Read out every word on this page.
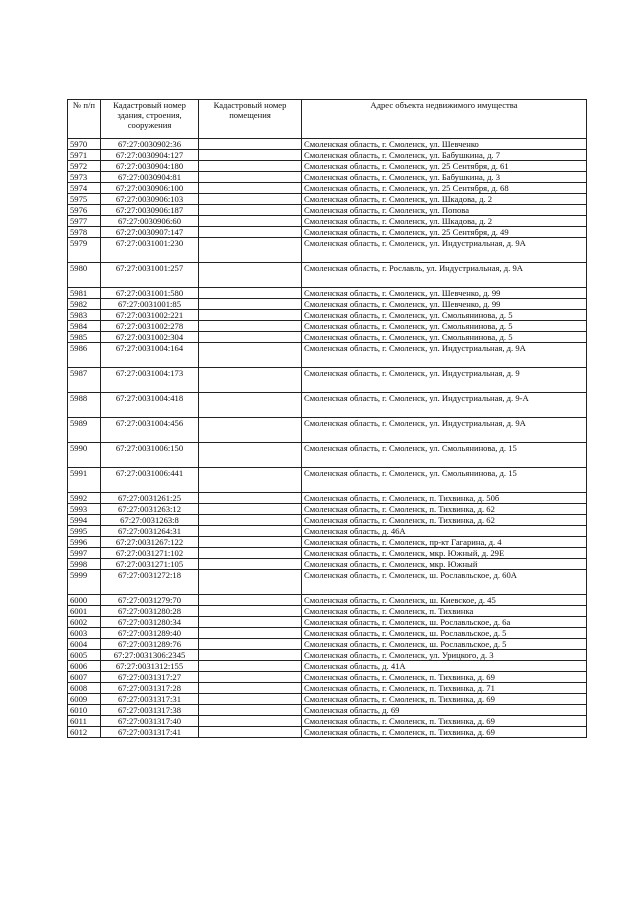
№ п/п	Кадастровый номер здания, строения, сооружения	Кадастровый номер помещения	Адрес объекта недвижимого имущества
5970	67:27:0030902:36		Смоленская область, г. Смоленск, ул. Шевченко
5971	67:27:0030904:127		Смоленская область, г. Смоленск, ул. Бабушкина, д. 7
5972	67:27:0030904:180		Смоленская область, г. Смоленск, ул. 25 Сентября, д. 61
5973	67:27:0030904:81		Смоленская область, г. Смоленск, ул. Бабушкина, д. 3
5974	67:27:0030906:100		Смоленская область, г. Смоленск, ул. 25 Сентября, д. 68
5975	67:27:0030906:103		Смоленская область, г. Смоленск, ул. Шкадова, д. 2
5976	67:27:0030906:187		Смоленская область, г. Смоленск, ул. Попова
5977	67:27:0030906:60		Смоленская область, г. Смоленск, ул. Шкадова, д. 2
5978	67:27:0030907:147		Смоленская область, г. Смоленск, ул. 25 Сентября, д. 49
5979	67:27:0031001:230		Смоленская область, г. Смоленск, ул. Индустриальная, д. 9А
5980	67:27:0031001:257		Смоленская область, г. Рославль, ул. Индустриальная, д. 9А
5981	67:27:0031001:580		Смоленская область, г. Смоленск, ул. Шевченко, д. 99
5982	67:27:0031001:85		Смоленская область, г. Смоленск, ул. Шевченко, д. 99
5983	67:27:0031002:221		Смоленская область, г. Смоленск, ул. Смольянинова, д. 5
5984	67:27:0031002:278		Смоленская область, г. Смоленск, ул. Смольянинова, д. 5
5985	67:27:0031002:304		Смоленская область, г. Смоленск, ул. Смольянинова, д. 5
5986	67:27:0031004:164		Смоленская область, г. Смоленск, ул. Индустриальная, д. 9А
5987	67:27:0031004:173		Смоленская область, г. Смоленск, ул. Индустриальная, д. 9
5988	67:27:0031004:418		Смоленская область, г. Смоленск, ул. Индустриальная, д. 9-А
5989	67:27:0031004:456		Смоленская область, г. Смоленск, ул. Индустриальная, д. 9А
5990	67:27:0031006:150		Смоленская область, г. Смоленск, ул. Смольянинова, д. 15
5991	67:27:0031006:441		Смоленская область, г. Смоленск, ул. Смольянинова, д. 15
5992	67:27:0031261:25		Смоленская область, г. Смоленск, п. Тихвинка, д. 50б
5993	67:27:0031263:12		Смоленская область, г. Смоленск, п. Тихвинка, д. 62
5994	67:27:0031263:8		Смоленская область, г. Смоленск, п. Тихвинка, д. 62
5995	67:27:0031264:31		Смоленская область, д. 46А
5996	67:27:0031267:122		Смоленская область, г. Смоленск, пр-кт Гагарина, д. 4
5997	67:27:0031271:102		Смоленская область, г. Смоленск, мкр. Южный, д. 29Е
5998	67:27:0031271:105		Смоленская область, г. Смоленск, мкр. Южный
5999	67:27:0031272:18		Смоленская область, г. Смоленск, ш. Рославльское, д. 60А
6000	67:27:0031279:70		Смоленская область, г. Смоленск, ш. Киевское, д. 45
6001	67:27:0031280:28		Смоленская область, г. Смоленск, п. Тихвинка
6002	67:27:0031280:34		Смоленская область, г. Смоленск, ш. Рославльское, д. 6а
6003	67:27:0031289:40		Смоленская область, г. Смоленск, ш. Рославльское, д. 5
6004	67:27:0031289:76		Смоленская область, г. Смоленск, ш. Рославльское, д. 5
6005	67:27:0031306:2345		Смоленская область, г. Смоленск, ул. Урицкого, д. 3
6006	67:27:0031312:155		Смоленская область, д. 41А
6007	67:27:0031317:27		Смоленская область, г. Смоленск, п. Тихвинка, д. 69
6008	67:27:0031317:28		Смоленская область, г. Смоленск, п. Тихвинка, д. 71
6009	67:27:0031317:31		Смоленская область, г. Смоленск, п. Тихвинка, д. 69
6010	67:27:0031317:38		Смоленская область, д. 69
6011	67:27:0031317:40		Смоленская область, г. Смоленск, п. Тихвинка, д. 69
6012	67:27:0031317:41		Смоленская область, г. Смоленск, п. Тихвинка, д. 69
